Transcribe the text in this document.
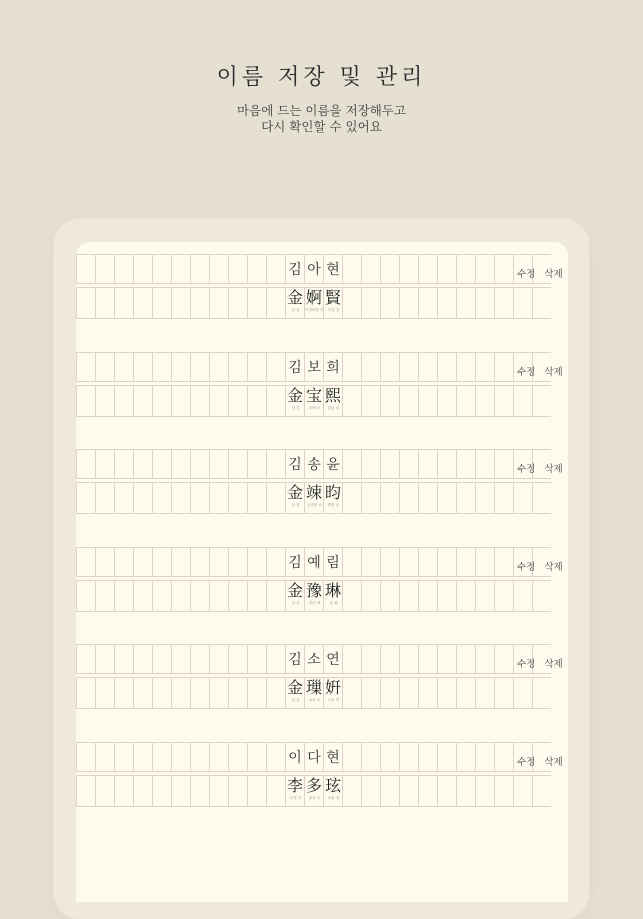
이름 저장 및 관리
마음에 드는 이름을 저장해두고
다시 확인할 수 있어요
김 아 현
金
성 김
婀
아리따울 아
賢
어질 현
수정 삭제
김 보 희
金
성 김
宝
보배 보
熙
빛날 희
수정 삭제
김 송 윤
金
성 김
竦
공경할 송
昀
햇빛 윤
수정 삭제
김 예 림
金
성 김
豫
미리 예
琳
옥 림
수정 삭제
김 소 연
金
성 김
璅
옥돌 소
姸
고울 연
수정 삭제
이 다 현
李
오얏 리
多
많을 다
玹
옥돌 현
수정 삭제
